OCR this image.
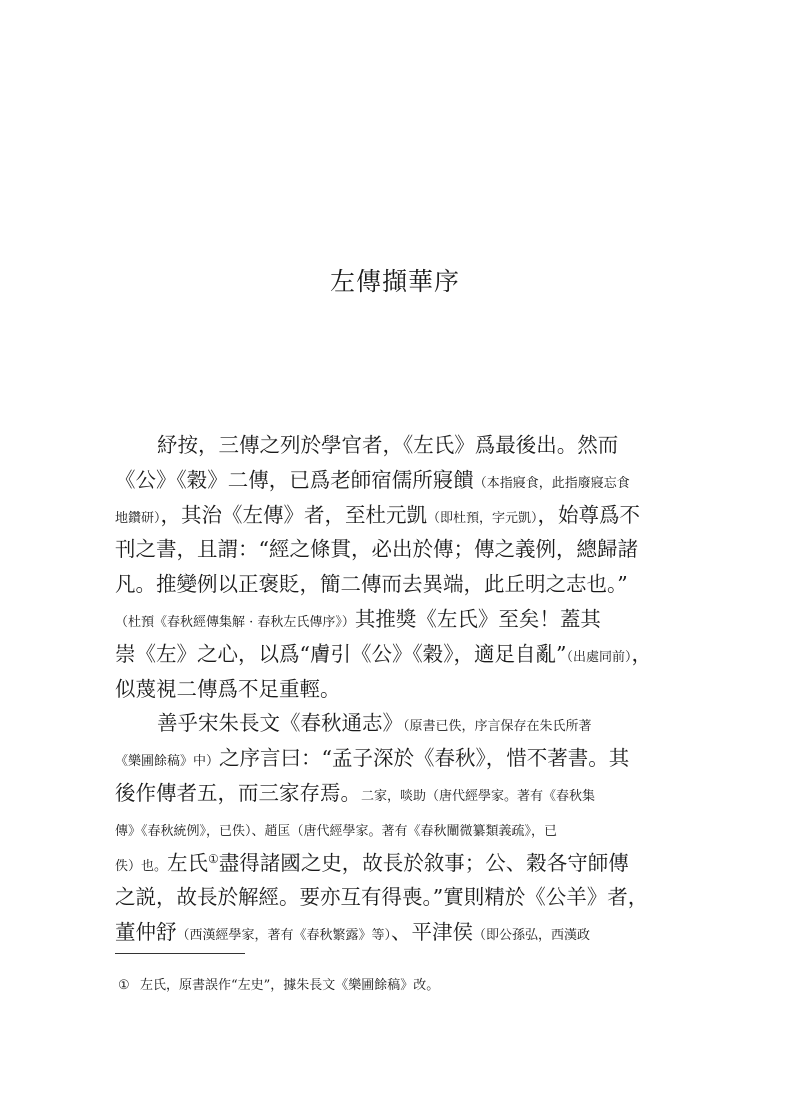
左傳擷華序
紓按，三傳之列於學官者，《左氏》爲最後出。然而
《公》《穀》二傳，已爲老師宿儒所寢饋（本指寢食，此指廢寢忘食
地鑽研），其治《左傳》者，至杜元凱（即杜預，字元凱），始尊爲不
刊之書，且謂：“經之條貫，必出於傳；傳之義例，總歸諸
凡。推變例以正褒貶，簡二傳而去異端，此丘明之志也。”
（杜預《春秋經傳集解 · 春秋左氏傳序》）其推獎《左氏》至矣！蓋其
崇《左》之心，以爲“膚引《公》《穀》，適足自亂”（出處同前），
似蔑視二傳爲不足重輕。
善乎宋朱長文《春秋通志》（原書已佚，序言保存在朱氏所著
《樂圃餘稿》中）之序言曰：“孟子深於《春秋》，惜不著書。其
後作傳者五，而三家存焉。二家，啖助（唐代經學家。著有《春秋集
傳》《春秋統例》，已佚）、趙匡（唐代經學家。著有《春秋闡微纂類義疏》，已
佚）也。左氏①盡得諸國之史，故長於敘事；公、穀各守師傳
之説，故長於解經。要亦互有得喪。”實則精於《公羊》者，
董仲舒（西漢經學家，著有《春秋繁露》等）、平津侯（即公孫弘，西漢政
① 左氏，原書誤作“左史”，據朱長文《樂圃餘稿》改。
